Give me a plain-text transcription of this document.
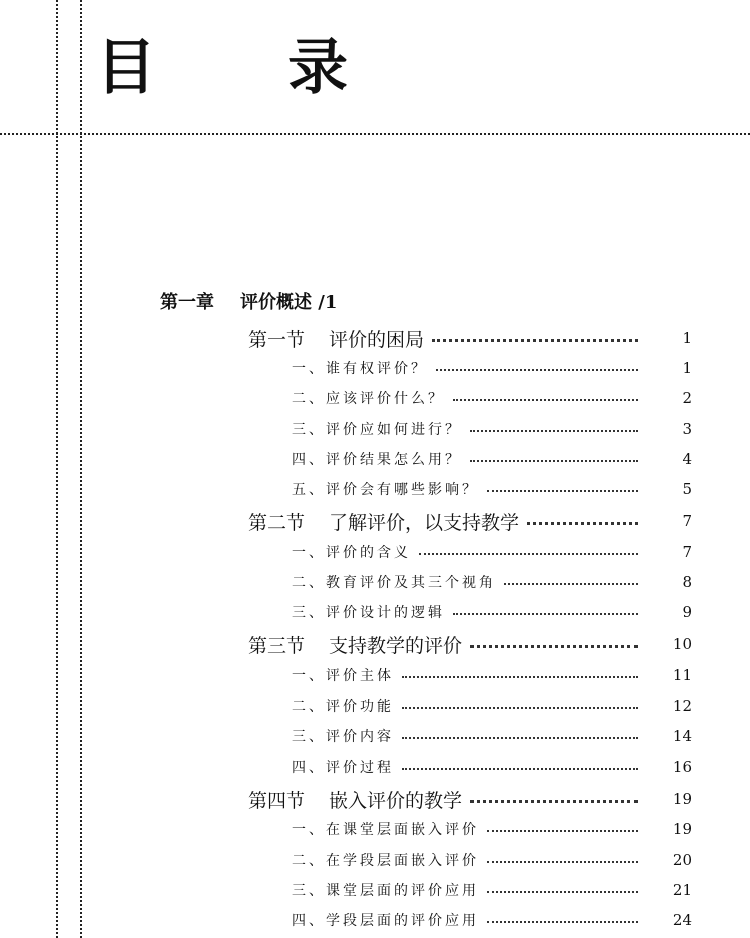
目　录
第一章 评价概述 /1
第一节 评价的困局	1
一、谁有权评价？	1
二、应该评价什么？	2
三、评价应如何进行？	3
四、评价结果怎么用？	4
五、评价会有哪些影响？	5
第二节 了解评价，以支持教学	7
一、评价的含义	7
二、教育评价及其三个视角	8
三、评价设计的逻辑	9
第三节 支持教学的评价	10
一、评价主体	11
二、评价功能	12
三、评价内容	14
四、评价过程	16
第四节 嵌入评价的教学	19
一、在课堂层面嵌入评价	19
二、在学段层面嵌入评价	20
三、课堂层面的评价应用	21
四、学段层面的评价应用	24
